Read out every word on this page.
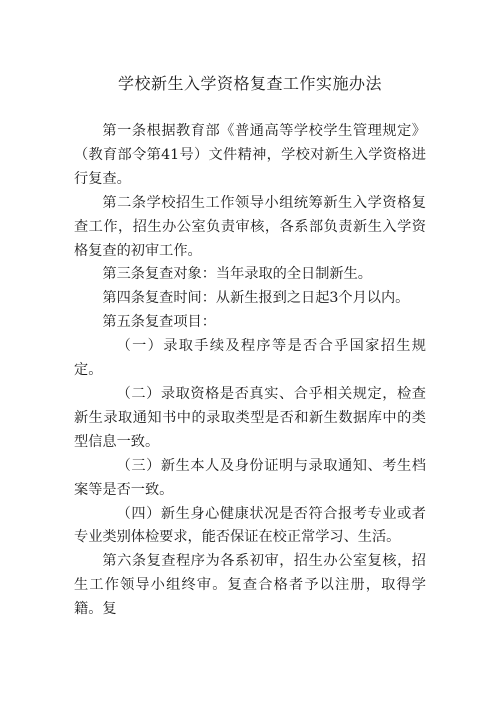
学校新生入学资格复查工作实施办法

第一条根据教育部《普通高等学校学生管理规定》（教育部令第41号）文件精神，学校对新生入学资格进行复查。

第二条学校招生工作领导小组统筹新生入学资格复查工作，招生办公室负责审核，各系部负责新生入学资格复查的初审工作。

第三条复查对象：当年录取的全日制新生。

第四条复查时间：从新生报到之日起3个月以内。

第五条复查项目：

（一）录取手续及程序等是否合乎国家招生规定。

（二）录取资格是否真实、合乎相关规定，检查新生录取通知书中的录取类型是否和新生数据库中的类型信息一致。

（三）新生本人及身份证明与录取通知、考生档案等是否一致。

（四）新生身心健康状况是否符合报考专业或者专业类别体检要求，能否保证在校正常学习、生活。

第六条复查程序为各系初审，招生办公室复核，招生工作领导小组终审。复查合格者予以注册，取得学籍。复
